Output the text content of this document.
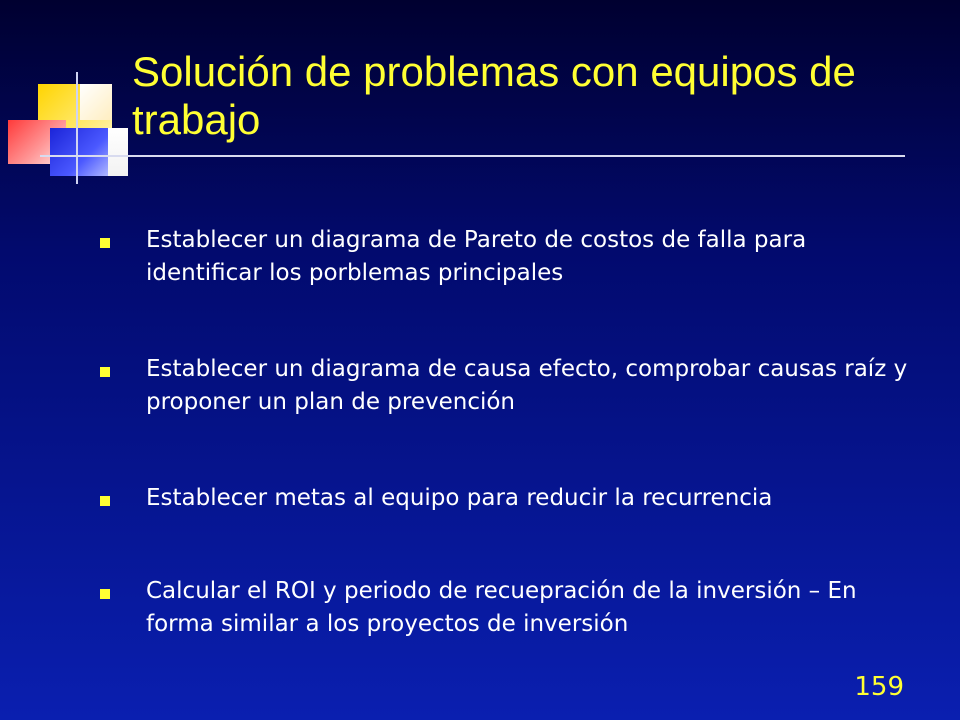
Solución de problemas con equipos de trabajo
Establecer un diagrama de Pareto de costos de falla para identificar los porblemas principales
Establecer un diagrama de causa efecto, comprobar causas raíz y proponer un plan de prevención
Establecer metas al equipo para reducir la recurrencia
Calcular el ROI y periodo de recuepración de la inversión – En forma similar a los proyectos de inversión
159
